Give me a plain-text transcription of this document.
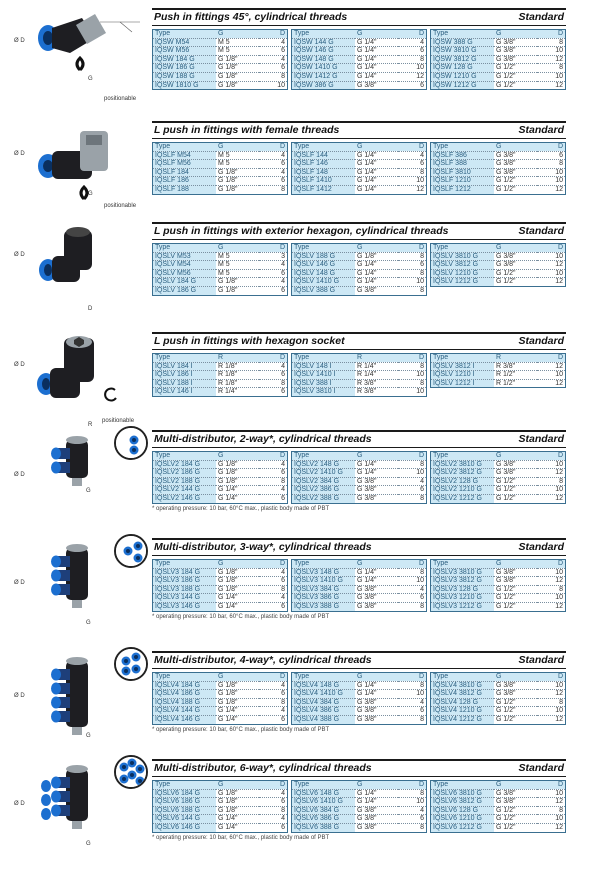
Ø D
G
positionable
Push in fittings 45°, cylindrical threads	Standard
Type	G	D
IQSW M54	M 5	4
IQSW M56	M 5	6
IQSW 184 G	G 1/8"	4
IQSW 186 G	G 1/8"	6
IQSW 188 G	G 1/8"	8
IQSW 1810 G	G 1/8"	10
Type	G	D
IQSW 144 G	G 1/4"	4
IQSW 146 G	G 1/4"	6
IQSW 148 G	G 1/4"	8
IQSW 1410 G	G 1/4"	10
IQSW 1412 G	G 1/4"	12
IQSW 386 G	G 3/8"	6
Type	G	D
IQSW 388 G	G 3/8"	8
IQSW 3810 G	G 3/8"	10
IQSW 3812 G	G 3/8"	12
IQSW 128 G	G 1/2"	8
IQSW 1210 G	G 1/2"	10
IQSW 1212 G	G 1/2"	12
Ø D
G
positionable
L push in fittings with female threads	Standard
Type	G	D
IQSLF M54	M 5	4
IQSLF M56	M 5	6
IQSLF 184	G 1/8"	4
IQSLF 186	G 1/8"	6
IQSLF 188	G 1/8"	8
Type	G	D
IQSLF 144	G 1/4"	4
IQSLF 146	G 1/4"	6
IQSLF 148	G 1/4"	8
IQSLF 1410	G 1/4"	10
IQSLF 1412	G 1/4"	12
Type	G	D
IQSLF 386	G 3/8"	6
IQSLF 388	G 3/8"	8
IQSLF 3810	G 3/8"	10
IQSLF 1210	G 1/2"	10
IQSLF 1212	G 1/2"	12
Ø D
D
L push in fittings with exterior hexagon, cylindrical threads	Standard
Type	G	D
IQSLV M53	M 5	3
IQSLV M54	M 5	4
IQSLV M56	M 5	6
IQSLV 184 G	G 1/8"	4
IQSLV 186 G	G 1/8"	6
Type	G	D
IQSLV 188 G	G 1/8"	8
IQSLV 146 G	G 1/4"	6
IQSLV 148 G	G 1/4"	8
IQSLV 1410 G	G 1/4"	10
IQSLV 388 G	G 3/8"	8
Type	G	D
IQSLV 3810 G	G 3/8"	10
IQSLV 3812 G	G 3/8"	12
IQSLV 1210 G	G 1/2"	10
IQSLV 1212 G	G 1/2"	12
Ø D
R
positionable
L push in fittings with hexagon socket	Standard
Type	R	D
IQSLV 184 I	R 1/8"	4
IQSLV 186 I	R 1/8"	6
IQSLV 188 I	R 1/8"	8
IQSLV 146 I	R 1/4"	6
Type	R	D
IQSLV 148 I	R 1/4"	8
IQSLV 1410 I	R 1/4"	10
IQSLV 388 I	R 3/8"	8
IQSLV 3810 I	R 3/8"	10
Type	R	D
IQSLV 3812 I	R 3/8"	12
IQSLV 1210 I	R 1/2"	10
IQSLV 1212 I	R 1/2"	12
Ø D
G
Multi-distributor, 2-way*, cylindrical threads	Standard
Type	G	D
IQSLV2 184 G	G 1/8"	4
IQSLV2 186 G	G 1/8"	6
IQSLV2 188 G	G 1/8"	8
IQSLV2 144 G	G 1/4"	4
IQSLV2 146 G	G 1/4"	6
Type	G	D
IQSLV2 148 G	G 1/4"	8
IQSLV2 1410 G	G 1/4"	10
IQSLV2 384 G	G 3/8"	4
IQSLV2 386 G	G 3/8"	6
IQSLV2 388 G	G 3/8"	8
Type	G	D
IQSLV2 3810 G	G 3/8"	10
IQSLV2 3812 G	G 3/8"	12
IQSLV2 128 G	G 1/2"	8
IQSLV2 1210 G	G 1/2"	10
IQSLV2 1212 G	G 1/2"	12
* operating pressure: 10 bar, 60°C max., plastic body made of PBT
Ø D
G
Multi-distributor, 3-way*, cylindrical threads	Standard
Type	G	D
IQSLV3 184 G	G 1/8"	4
IQSLV3 186 G	G 1/8"	6
IQSLV3 188 G	G 1/8"	8
IQSLV3 144 G	G 1/4"	4
IQSLV3 146 G	G 1/4"	6
Type	G	D
IQSLV3 148 G	G 1/4"	8
IQSLV3 1410 G	G 1/4"	10
IQSLV3 384 G	G 3/8"	4
IQSLV3 386 G	G 3/8"	6
IQSLV3 388 G	G 3/8"	8
Type	G	D
IQSLV3 3810 G	G 3/8"	10
IQSLV3 3812 G	G 3/8"	12
IQSLV3 128 G	G 1/2"	8
IQSLV3 1210 G	G 1/2"	10
IQSLV3 1212 G	G 1/2"	12
* operating pressure: 10 bar, 60°C max., plastic body made of PBT
Ø D
G
Multi-distributor, 4-way*, cylindrical threads	Standard
Type	G	D
IQSLV4 184 G	G 1/8"	4
IQSLV4 186 G	G 1/8"	6
IQSLV4 188 G	G 1/8"	8
IQSLV4 144 G	G 1/4"	4
IQSLV4 146 G	G 1/4"	6
Type	G	D
IQSLV4 148 G	G 1/4"	8
IQSLV4 1410 G	G 1/4"	10
IQSLV4 384 G	G 3/8"	4
IQSLV4 386 G	G 3/8"	6
IQSLV4 388 G	G 3/8"	8
Type	G	D
IQSLV4 3810 G	G 3/8"	10
IQSLV4 3812 G	G 3/8"	12
IQSLV4 128 G	G 1/2"	8
IQSLV4 1210 G	G 1/2"	10
IQSLV4 1212 G	G 1/2"	12
* operating pressure: 10 bar, 60°C max., plastic body made of PBT
Ø D
G
Multi-distributor, 6-way*, cylindrical threads	Standard
Type	G	D
IQSLV6 184 G	G 1/8"	4
IQSLV6 186 G	G 1/8"	6
IQSLV6 188 G	G 1/8"	8
IQSLV6 144 G	G 1/4"	4
IQSLV6 146 G	G 1/4"	6
Type	G	D
IQSLV6 148 G	G 1/4"	8
IQSLV6 1410 G	G 1/4"	10
IQSLV6 384 G	G 3/8"	4
IQSLV6 386 G	G 3/8"	6
IQSLV6 388 G	G 3/8"	8
Type	G	D
IQSLV6 3810 G	G 3/8"	10
IQSLV6 3812 G	G 3/8"	12
IQSLV6 128 G	G 1/2"	8
IQSLV6 1210 G	G 1/2"	10
IQSLV6 1212 G	G 1/2"	12
* operating pressure: 10 bar, 60°C max., plastic body made of PBT
